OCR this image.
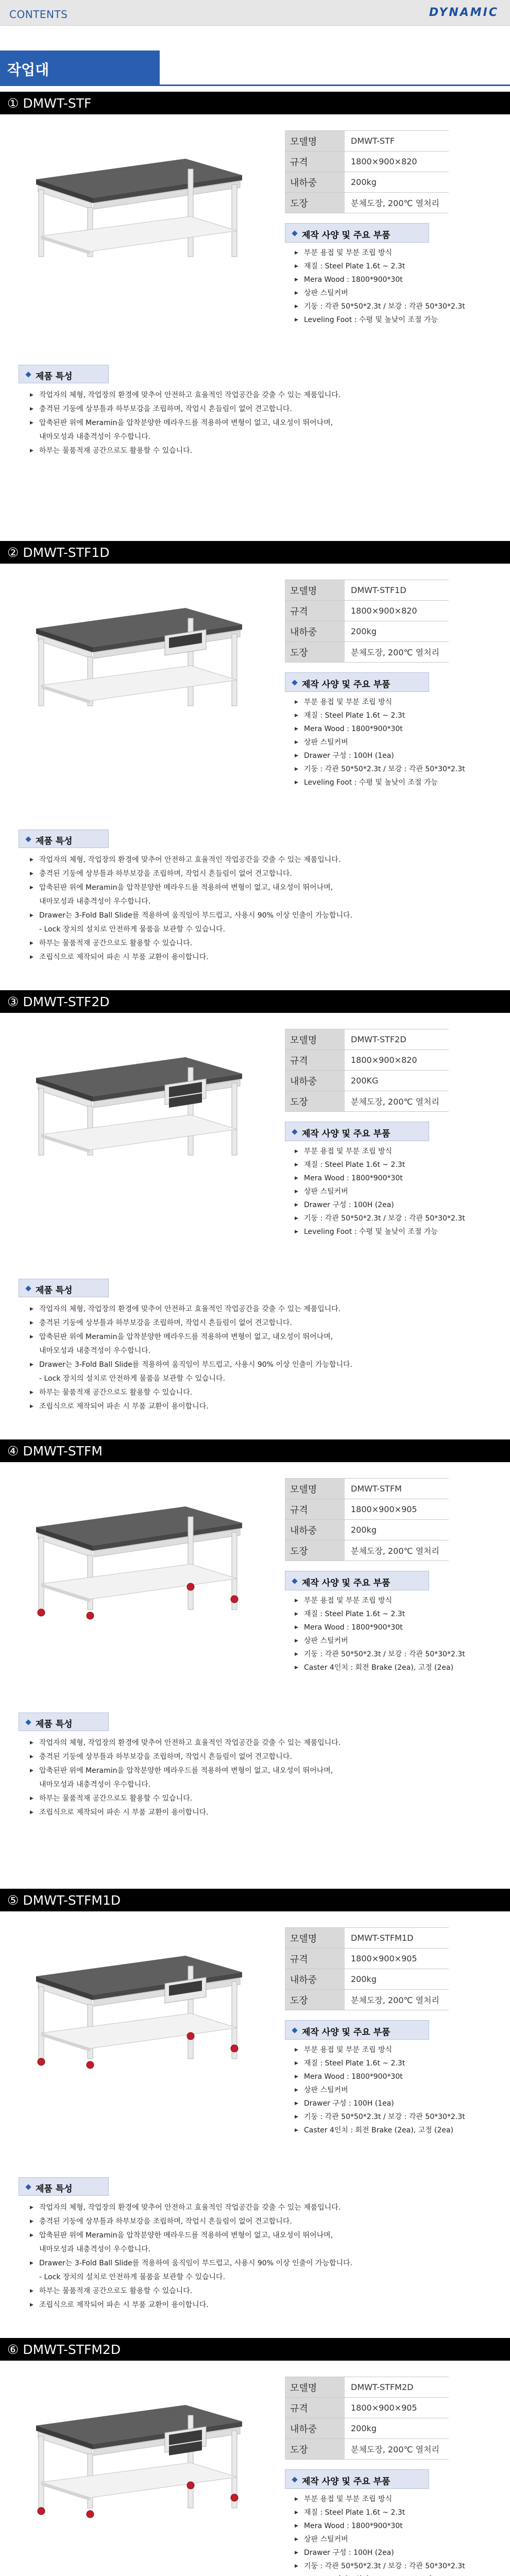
CONTENTS	DYNAMIC
작업대
① DMWT-STF
모델명	DMWT-STF
규격	1800×900×820
내하중	200kg
도장	분체도장, 200℃ 열처리
제작 사양 및 주요 부품
▶ 부분 용접 및 부분 조립 방식
▶ 재질 : Steel Plate 1.6t ~ 2.3t
▶ Mera Wood : 1800*900*30t
▶ 상판 스틸커버
▶ 기둥 : 각관 50*50*2.3t / 보강 : 각관 50*30*2.3t
▶ Leveling Foot : 수평 및 높낮이 조절 가능
제품 특성
▶ 작업자의 체형, 작업장의 환경에 맞추어 안전하고 효율적인 작업공간을 갖출 수 있는 제품입니다.
▶ 충격된 기둥에 상부틀과 하부보강을 조립하며, 작업시 흔들림이 없어 견고합니다.
▶ 압축된판 위에 Meramin을 압착분양한 메라우드를 적용하여 변형이 없고, 내오성이 뛰어나며,
내마모성과 내충격성이 우수합니다.
▶ 하부는 물품적재 공간으로도 활용할 수 있습니다.
② DMWT-STF1D
모델명	DMWT-STF1D
규격	1800×900×820
내하중	200kg
도장	분체도장, 200℃ 열처리
제작 사양 및 주요 부품
▶ 부분 용접 및 부분 조립 방식
▶ 재질 : Steel Plate 1.6t ~ 2.3t
▶ Mera Wood : 1800*900*30t
▶ 상판 스틸커버
▶ Drawer 구성 : 100H (1ea)
▶ 기둥 : 각관 50*50*2.3t / 보강 : 각관 50*30*2.3t
▶ Leveling Foot : 수평 및 높낮이 조절 가능
제품 특성
▶ 작업자의 체형, 작업장의 환경에 맞추어 안전하고 효율적인 작업공간을 갖출 수 있는 제품입니다.
▶ 충격된 기둥에 상부틀과 하부보강을 조립하며, 작업시 흔들림이 없어 견고합니다.
▶ 압축된판 위에 Meramin을 압착분양한 메라우드를 적용하여 변형이 없고, 내오성이 뛰어나며,
내마모성과 내충격성이 우수합니다.
▶ Drawer는 3-Fold Ball Slide를 적용하여 움직임이 부드럽고, 사용시 90% 이상 인출이 가능합니다.
- Lock 장치의 설치로 안전하게 물품을 보관할 수 있습니다.
▶ 하부는 물품적재 공간으로도 활용할 수 있습니다.
▶ 조립식으로 제작되어 파손 시 부품 교환이 용이합니다.
③ DMWT-STF2D
모델명	DMWT-STF2D
규격	1800×900×820
내하중	200KG
도장	분체도장, 200℃ 열처리
제작 사양 및 주요 부품
▶ 부분 용접 및 부분 조립 방식
▶ 재질 : Steel Plate 1.6t ~ 2.3t
▶ Mera Wood : 1800*900*30t
▶ 상판 스틸커버
▶ Drawer 구성 : 100H (2ea)
▶ 기둥 : 각관 50*50*2.3t / 보강 : 각관 50*30*2.3t
▶ Leveling Foot : 수평 및 높낮이 조절 가능
제품 특성
▶ 작업자의 체형, 작업장의 환경에 맞추어 안전하고 효율적인 작업공간을 갖출 수 있는 제품입니다.
▶ 충격된 기둥에 상부틀과 하부보강을 조립하며, 작업시 흔들림이 없어 견고합니다.
▶ 압축된판 위에 Meramin을 압착분양한 메라우드를 적용하여 변형이 없고, 내오성이 뛰어나며,
내마모성과 내충격성이 우수합니다.
▶ Drawer는 3-Fold Ball Slide를 적용하여 움직임이 부드럽고, 사용시 90% 이상 인출이 가능합니다.
- Lock 장치의 설치로 안전하게 물품을 보관할 수 있습니다.
▶ 하부는 물품적재 공간으로도 활용할 수 있습니다.
▶ 조립식으로 제작되어 파손 시 부품 교환이 용이합니다.
④ DMWT-STFM
모델명	DMWT-STFM
규격	1800×900×905
내하중	200kg
도장	분체도장, 200℃ 열처리
제작 사양 및 주요 부품
▶ 부분 용접 및 부분 조립 방식
▶ 재질 : Steel Plate 1.6t ~ 2.3t
▶ Mera Wood : 1800*900*30t
▶ 상판 스틸커버
▶ 기둥 : 각관 50*50*2.3t / 보강 : 각관 50*30*2.3t
▶ Caster 4인치 : 회전 Brake (2ea), 고정 (2ea)
제품 특성
▶ 작업자의 체형, 작업장의 환경에 맞추어 안전하고 효율적인 작업공간을 갖출 수 있는 제품입니다.
▶ 충격된 기둥에 상부틀과 하부보강을 조립하며, 작업시 흔들림이 없어 견고합니다.
▶ 압축된판 위에 Meramin을 압착분양한 메라우드를 적용하여 변형이 없고, 내오성이 뛰어나며,
내마모성과 내충격성이 우수합니다.
▶ 하부는 물품적재 공간으로도 활용할 수 있습니다.
▶ 조립식으로 제작되어 파손 시 부품 교환이 용이합니다.
⑤ DMWT-STFM1D
모델명	DMWT-STFM1D
규격	1800×900×905
내하중	200kg
도장	분체도장, 200℃ 열처리
제작 사양 및 주요 부품
▶ 부분 용접 및 부분 조립 방식
▶ 재질 : Steel Plate 1.6t ~ 2.3t
▶ Mera Wood : 1800*900*30t
▶ 상판 스틸커버
▶ Drawer 구성 : 100H (1ea)
▶ 기둥 : 각관 50*50*2.3t / 보강 : 각관 50*30*2.3t
▶ Caster 4인치 : 회전 Brake (2ea), 고정 (2ea)
제품 특성
▶ 작업자의 체형, 작업장의 환경에 맞추어 안전하고 효율적인 작업공간을 갖출 수 있는 제품입니다.
▶ 충격된 기둥에 상부틀과 하부보강을 조립하며, 작업시 흔들림이 없어 견고합니다.
▶ 압축된판 위에 Meramin을 압착분양한 메라우드를 적용하여 변형이 없고, 내오성이 뛰어나며,
내마모성과 내충격성이 우수합니다.
▶ Drawer는 3-Fold Ball Slide를 적용하여 움직임이 부드럽고, 사용시 90% 이상 인출이 가능합니다.
- Lock 장치의 설치로 안전하게 물품을 보관할 수 있습니다.
▶ 하부는 물품적재 공간으로도 활용할 수 있습니다.
▶ 조립식으로 제작되어 파손 시 부품 교환이 용이합니다.
⑥ DMWT-STFM2D
모델명	DMWT-STFM2D
규격	1800×900×905
내하중	200kg
도장	분체도장, 200℃ 열처리
제작 사양 및 주요 부품
▶ 부분 용접 및 부분 조립 방식
▶ 재질 : Steel Plate 1.6t ~ 2.3t
▶ Mera Wood : 1800*900*30t
▶ 상판 스틸커버
▶ Drawer 구성 : 100H (2ea)
▶ 기둥 : 각관 50*50*2.3t / 보강 : 각관 50*30*2.3t
▶
